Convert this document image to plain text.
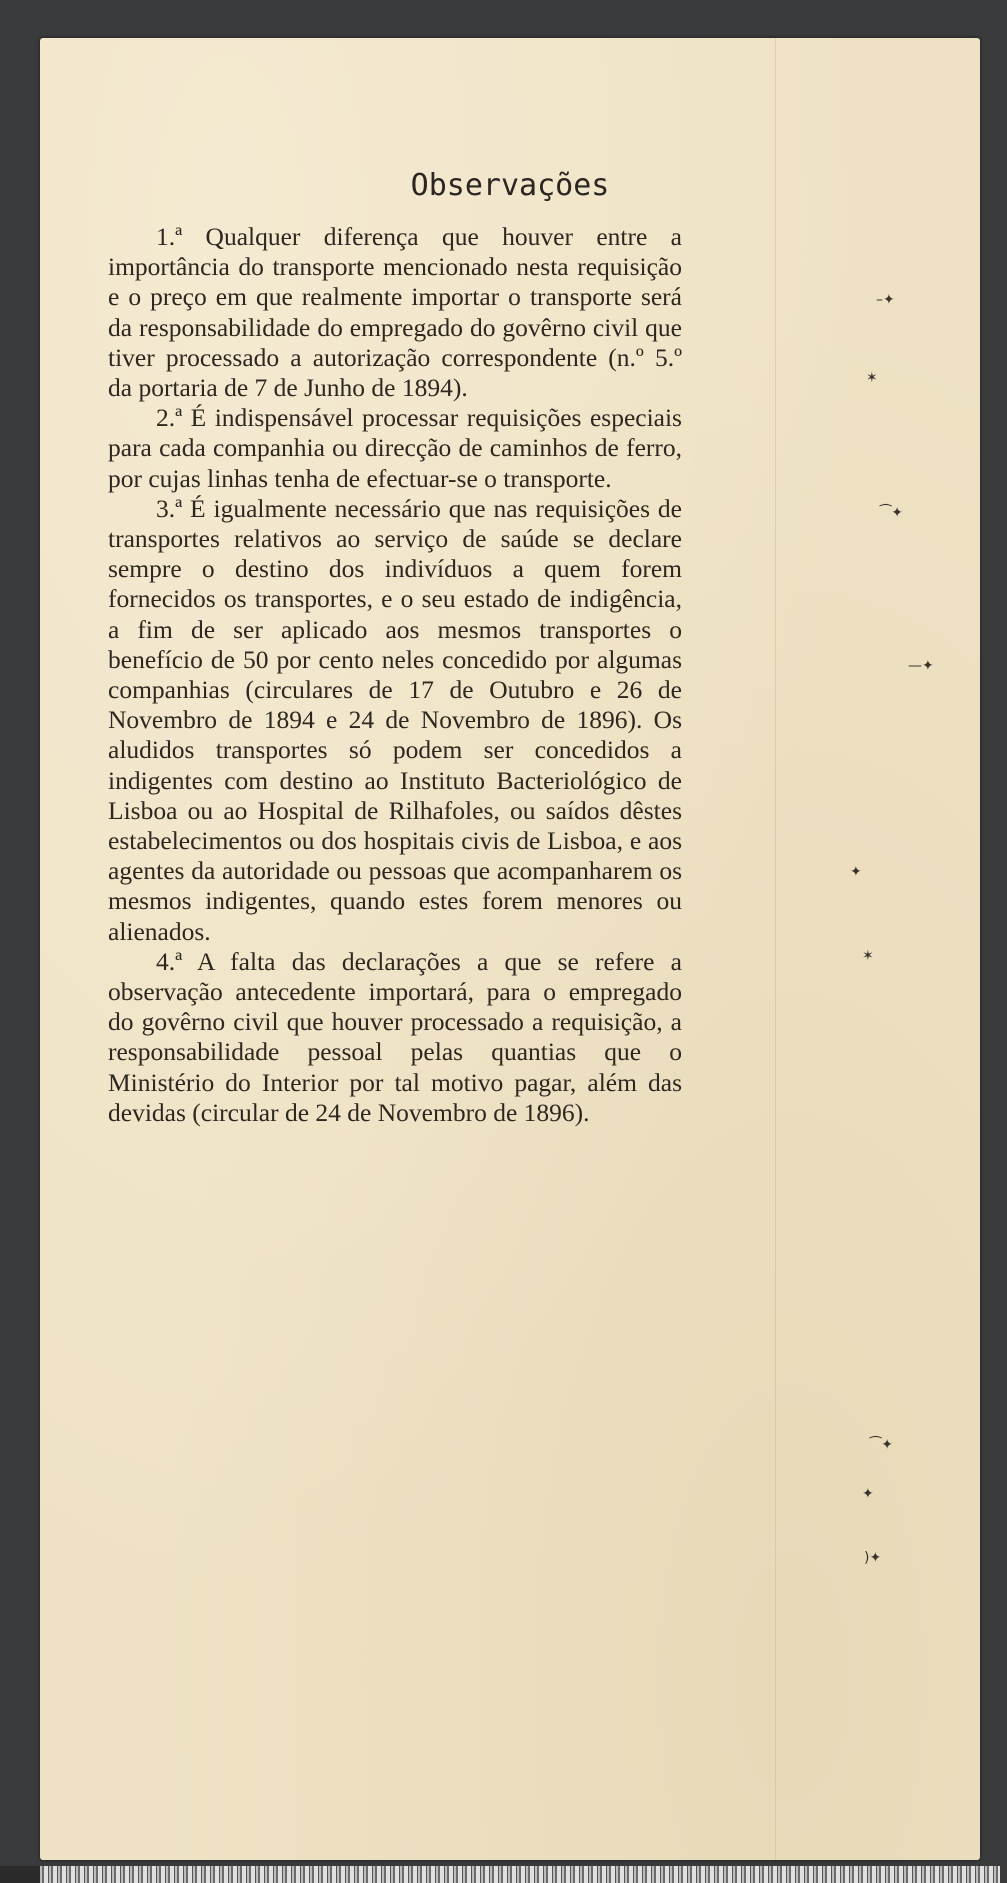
–✦
✶
⁀✦
—✦
✦
✶
⁀✦
✦
)✦
Observações

1.ª Qualquer diferença que houver entre a importância do transporte mencionado nesta requisição e o preço em que realmente importar o transporte será da responsabilidade do empregado do govêrno civil que tiver processado a autorização correspondente (n.º 5.º da portaria de 7 de Junho de 1894).

2.ª É indispensável processar requisições especiais para cada companhia ou direcção de caminhos de ferro, por cujas linhas tenha de efectuar-se o transporte.

3.ª É igualmente necessário que nas requisições de transportes relativos ao serviço de saúde se declare sempre o destino dos indivíduos a quem forem fornecidos os transportes, e o seu estado de indigência, a fim de ser aplicado aos mesmos transportes o benefício de 50 por cento neles concedido por algumas companhias (circulares de 17 de Outubro e 26 de Novembro de 1894 e 24 de Novembro de 1896). Os aludidos transportes só podem ser concedidos a indigentes com destino ao Instituto Bacteriológico de Lisboa ou ao Hospital de Rilhafoles, ou saídos dêstes estabelecimentos ou dos hospitais civis de Lisboa, e aos agentes da autoridade ou pessoas que acompanharem os mesmos indigentes, quando estes forem menores ou alienados.

4.ª A falta das declarações a que se refere a observação antecedente importará, para o empregado do govêrno civil que houver processado a requisição, a responsabilidade pessoal pelas quantias que o Ministério do Interior por tal motivo pagar, além das devidas (circular de 24 de Novembro de 1896).
